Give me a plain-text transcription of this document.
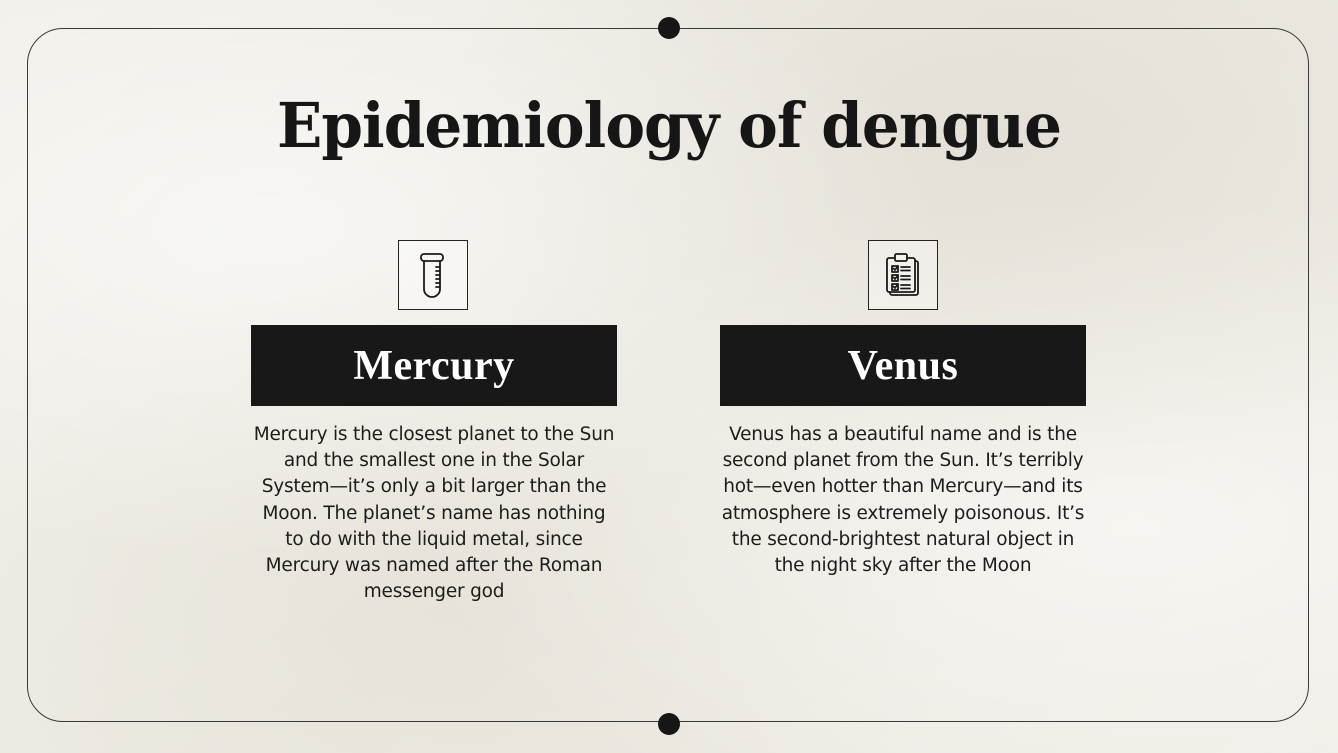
Epidemiology of dengue
Mercury
Mercury is the closest planet to the Sun and the smallest one in the Solar System—it’s only a bit larger than the Moon. The planet’s name has nothing to do with the liquid metal, since Mercury was named after the Roman messenger god
Venus
Venus has a beautiful name and is the second planet from the Sun. It’s terribly hot—even hotter than Mercury—and its atmosphere is extremely poisonous. It’s the second-brightest natural object in the night sky after the Moon
